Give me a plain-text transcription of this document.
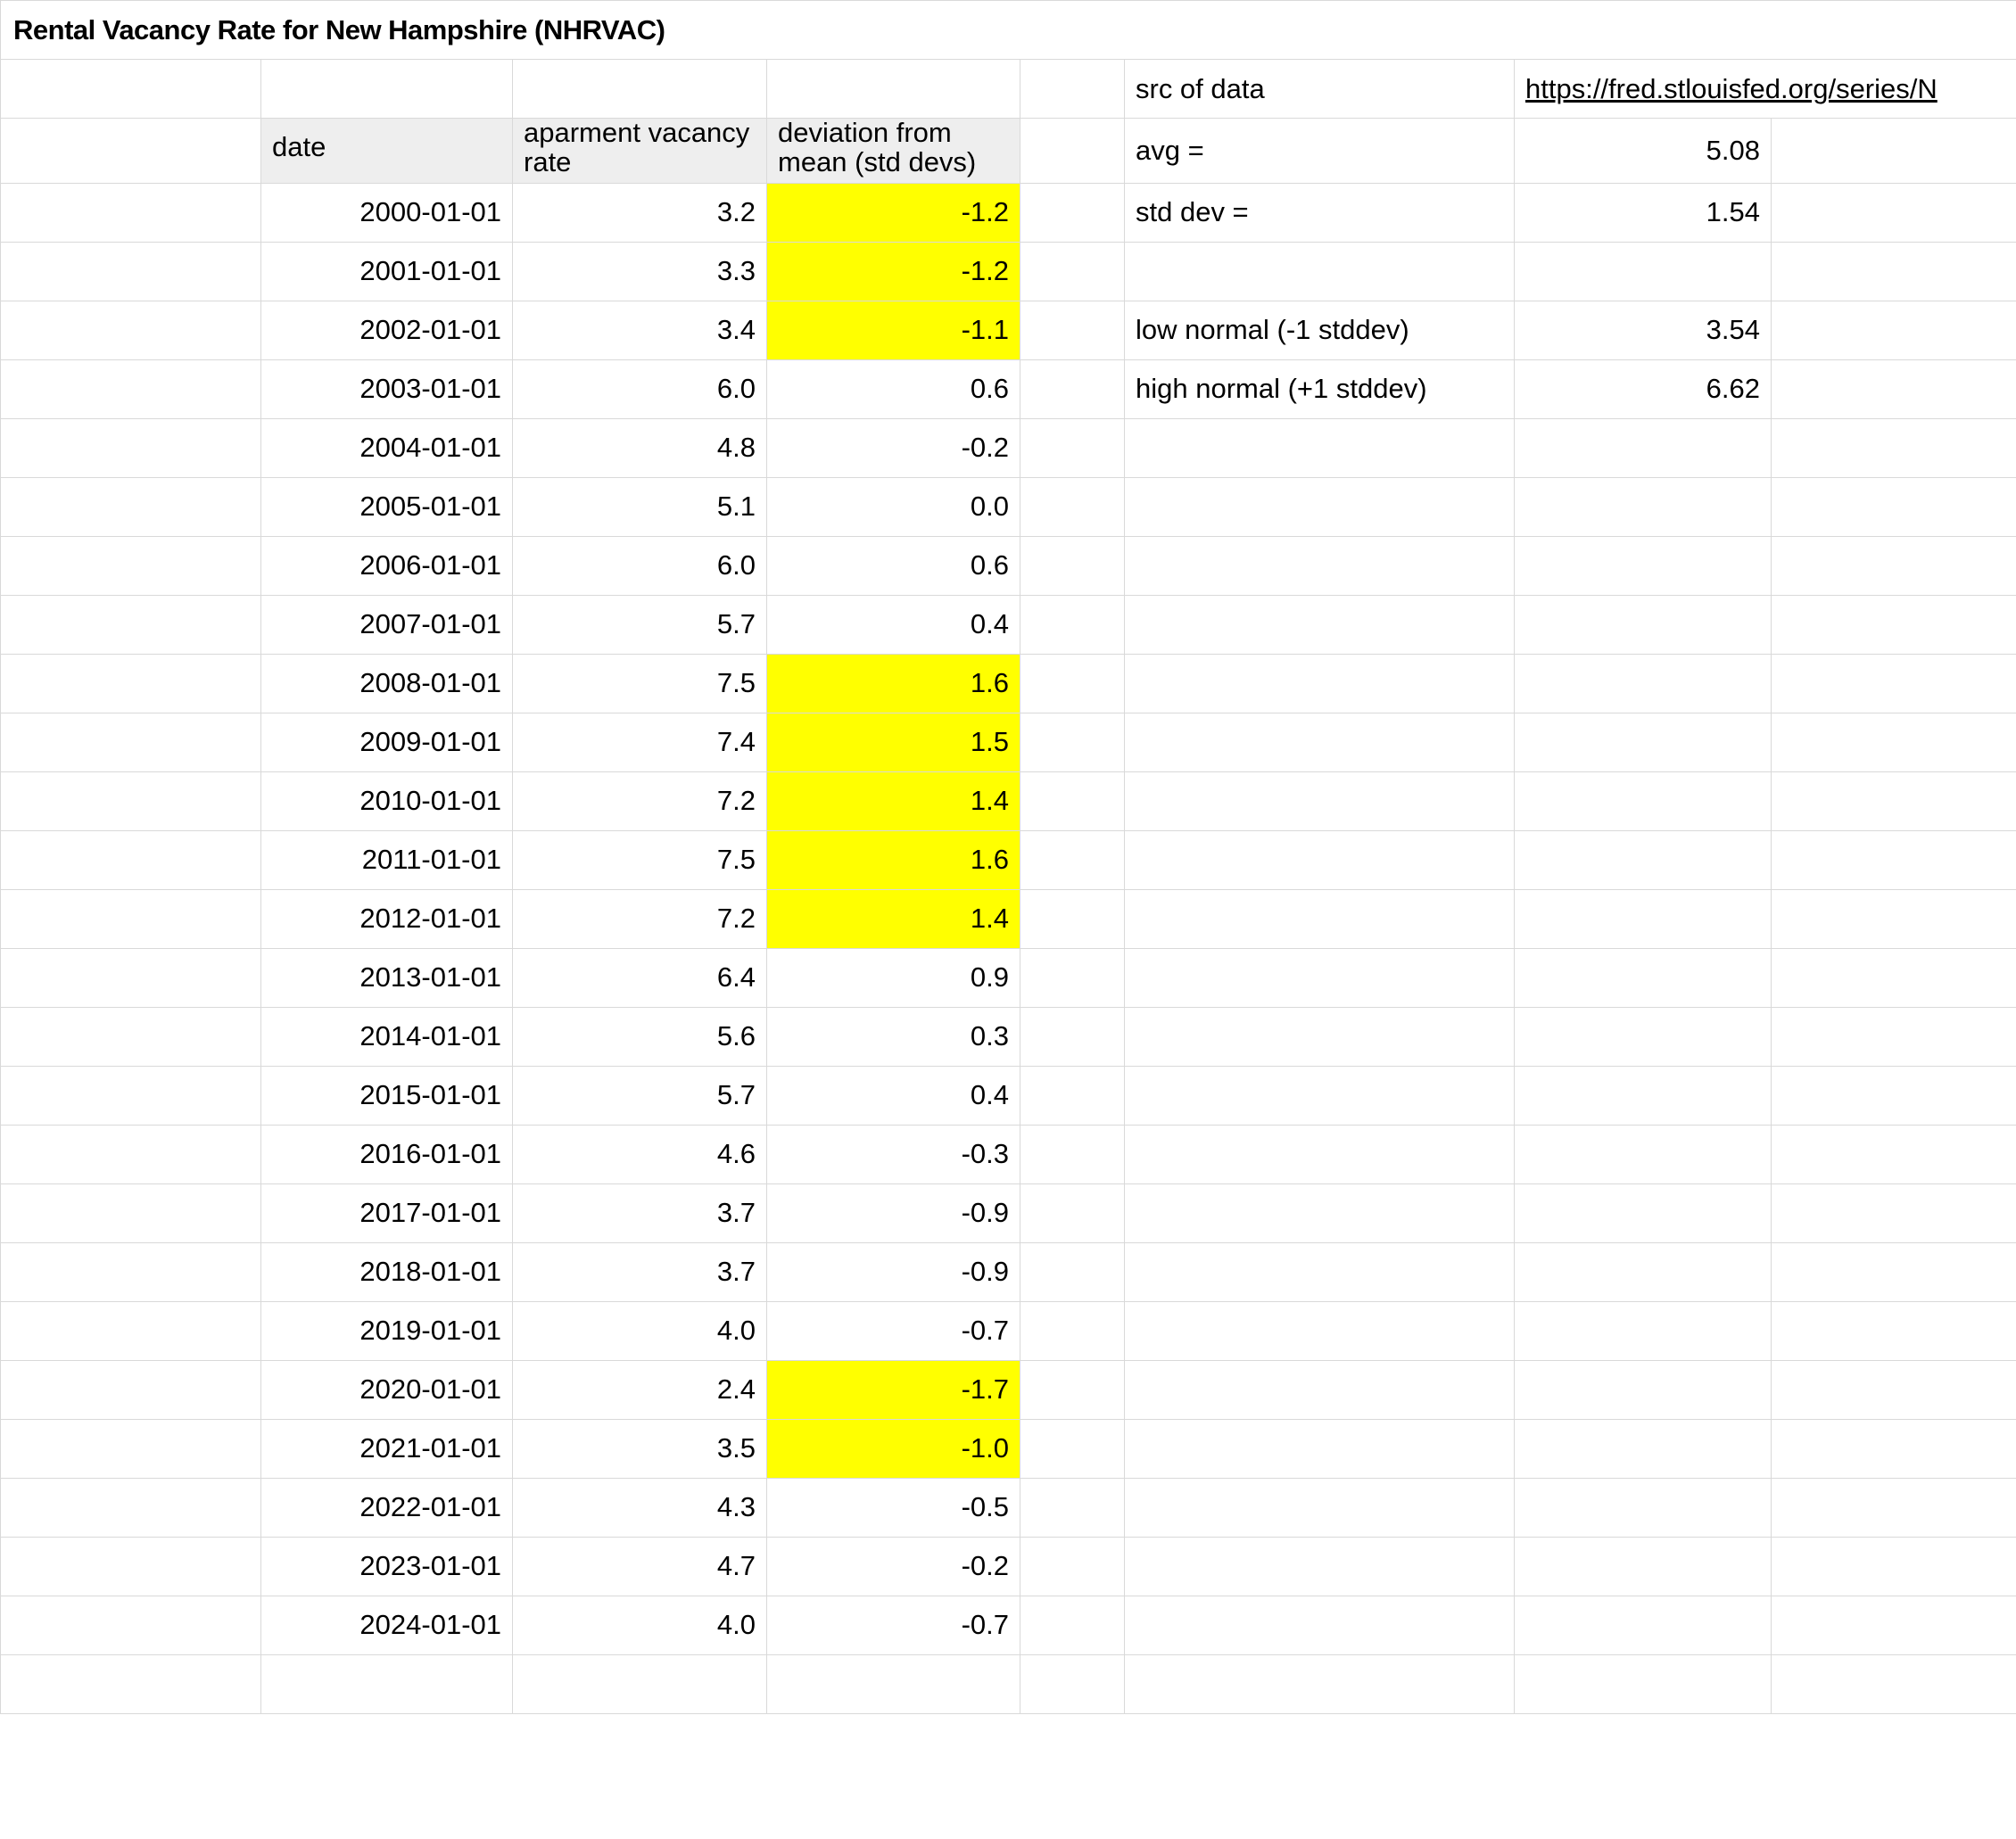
Rental Vacancy Rate for New Hampshire (NHRVAC)							
					src of data	https://fred.stlouisfed.org/series/N	
	date	aparment vacancy rate	deviation from mean (std devs)		avg =	5.08	
	2000-01-01	3.2	-1.2		std dev =	1.54	
	2001-01-01	3.3	-1.2				
	2002-01-01	3.4	-1.1		low normal (-1 stddev)	3.54	
	2003-01-01	6.0	0.6		high normal (+1 stddev)	6.62	
	2004-01-01	4.8	-0.2				
	2005-01-01	5.1	0.0				
	2006-01-01	6.0	0.6				
	2007-01-01	5.7	0.4				
	2008-01-01	7.5	1.6				
	2009-01-01	7.4	1.5				
	2010-01-01	7.2	1.4				
	2011-01-01	7.5	1.6				
	2012-01-01	7.2	1.4				
	2013-01-01	6.4	0.9				
	2014-01-01	5.6	0.3				
	2015-01-01	5.7	0.4				
	2016-01-01	4.6	-0.3				
	2017-01-01	3.7	-0.9				
	2018-01-01	3.7	-0.9				
	2019-01-01	4.0	-0.7				
	2020-01-01	2.4	-1.7				
	2021-01-01	3.5	-1.0				
	2022-01-01	4.3	-0.5				
	2023-01-01	4.7	-0.2				
	2024-01-01	4.0	-0.7				
